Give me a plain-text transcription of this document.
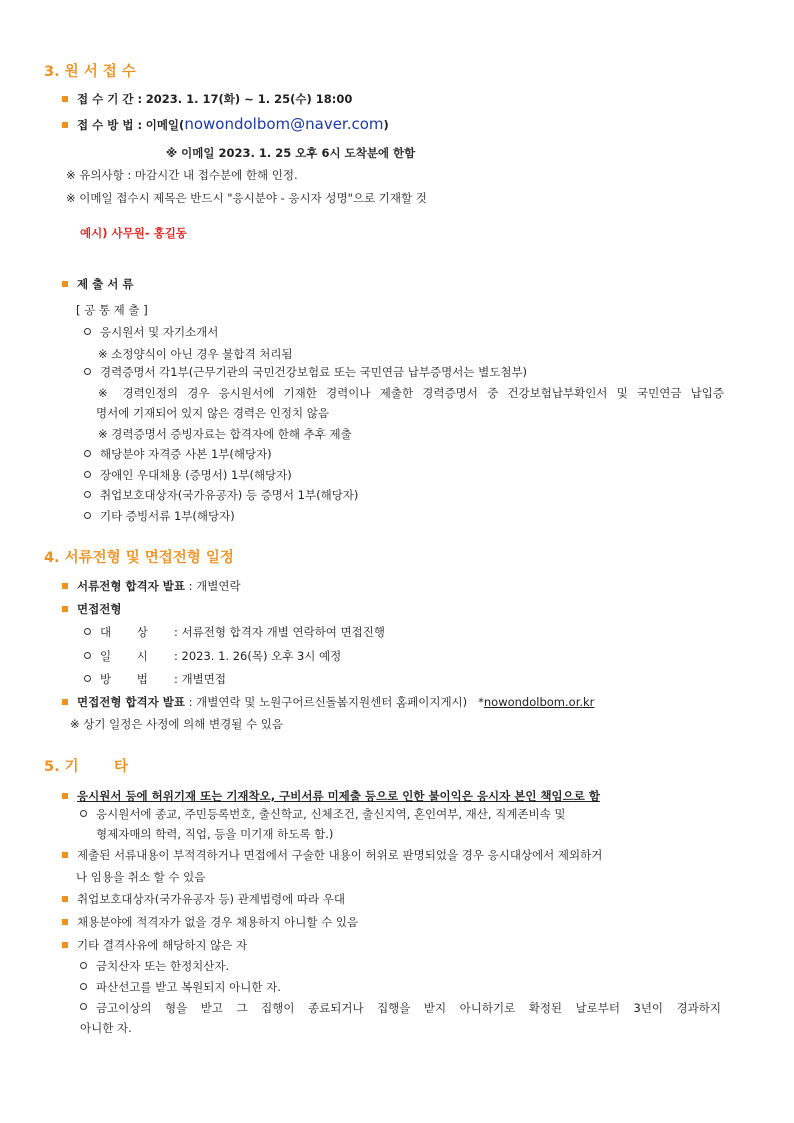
3. 원 서 접 수
접 수 기 간 : 2023. 1. 17(화) ~ 1. 25(수) 18:00
접 수 방 법 : 이메일(nowondolbom@naver.com)
※ 이메일 2023. 1. 25 오후 6시 도착분에 한함
※ 유의사항 : 마감시간 내 접수분에 한해 인정.
※ 이메일 접수시 제목은 반드시 "응시분야 - 응시자 성명"으로 기재할 것
예시) 사무원- 홍길동
제 출 서 류
[ 공 통 제 출 ]
응시원서 및 자기소개서
※ 소정양식이 아닌 경우 불합격 처리됨
경력증명서 각1부(근무기관의 국민건강보험료 또는 국민연금 납부증명서는 별도첨부)
※ 경력인정의 경우 응시원서에 기재한 경력이나 제출한 경력증명서 중 건강보험납부확인서 및 국민연금 납입증
명서에 기재되어 있지 않은 경력은 인정치 않음
※ 경력증명서 증빙자료는 합격자에 한해 추후 제출
해당분야 자격증 사본 1부(해당자)
장애인 우대채용 (증명서) 1부(해당자)
취업보호대상자(국가유공자) 등 증명서 1부(해당자)
기타 증빙서류 1부(해당자)
4. 서류전형 및 면접전형 일정
서류전형 합격자 발표 : 개별연락
면접전형
대       상 : 서류전형 합격자 개별 연락하여 면접진행
일       시 : 2023. 1. 26(목) 오후 3시 예정
방       법 : 개별면접
면접전형 합격자 발표 : 개별연락 및 노원구어르신돌봄지원센터 홈페이지게시)   *nowondolbom.or.kr
※ 상기 일정은 사정에 의해 변경될 수 있음
5. 기       타
응시원서 등에 허위기재 또는 기재착오, 구비서류 미제출 등으로 인한 불이익은 응시자 본인 책임으로 함
응시원서에 종교, 주민등록번호, 출신학교, 신체조건, 출신지역, 혼인여부, 재산, 직계존비속 및
형제자매의 학력, 직업, 등을 미기재 하도록 함.)
제출된 서류내용이 부적격하거나 면접에서 구술한 내용이 허위로 판명되었을 경우 응시대상에서 제외하거
나 임용을 취소 할 수 있음
취업보호대상자(국가유공자 등) 관계법령에 따라 우대
채용분야에 적격자가 없을 경우 채용하지 아니할 수 있음
기타 결격사유에 해당하지 않은 자
금치산자 또는 한정치산자.
파산선고를 받고 복원되지 아니한 자.
금고이상의 형을 받고 그 집행이 종료되거나 집행을 받지 아니하기로 확정된 날로부터 3년이 경과하지
아니한 자.
